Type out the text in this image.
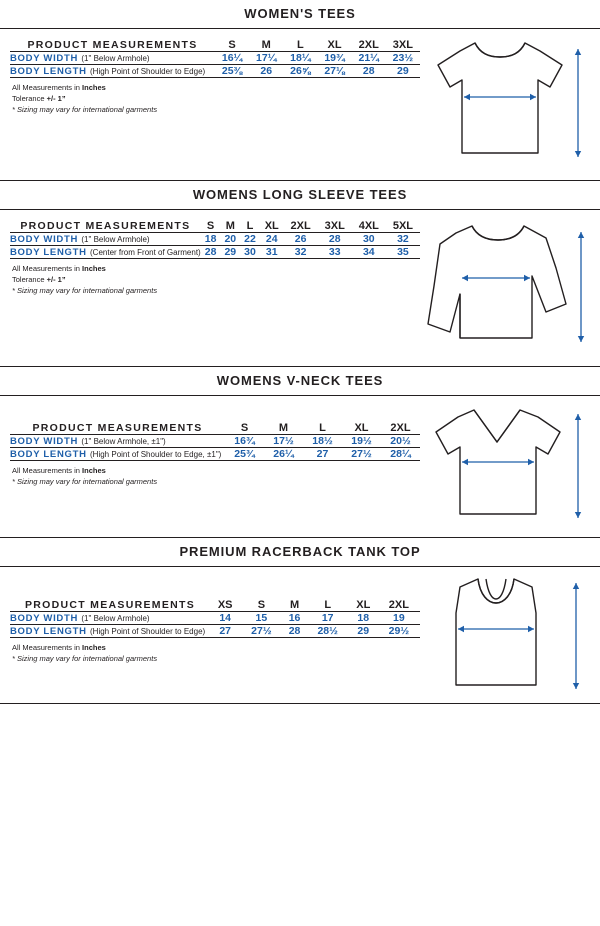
WOMEN'S TEES
PRODUCT MEASUREMENTS	S	M	L	XL	2XL	3XL
BODY WIDTH (1" Below Armhole)	16¼	17¼	18¼	19¾	21¼	23½
BODY LENGTH (High Point of Shoulder to Edge)	25⅜	26	26⅝	27⅛	28	29
All Measurements in Inches
Tolerance +/- 1”
* Sizing may vary for international garments
WOMENS LONG SLEEVE TEES
PRODUCT MEASUREMENTS	S	M	L	XL	2XL	3XL	4XL	5XL
BODY WIDTH (1" Below Armhole)	18	20	22	24	26	28	30	32
BODY LENGTH (Center from Front of Garment)	28	29	30	31	32	33	34	35
All Measurements in Inches
Tolerance +/- 1”
* Sizing may vary for international garments
WOMENS V-NECK TEES
PRODUCT MEASUREMENTS	S	M	L	XL	2XL
BODY WIDTH (1" Below Armhole, ±1")	16¾	17½	18½	19½	20½
BODY LENGTH (High Point of Shoulder to Edge, ±1")	25¾	26¼	27	27½	28¼
All Measurements in Inches
* Sizing may vary for international garments
PREMIUM RACERBACK TANK TOP
PRODUCT MEASUREMENTS	XS	S	M	L	XL	2XL
BODY WIDTH (1" Below Armhole)	14	15	16	17	18	19
BODY LENGTH (High Point of Shoulder to Edge)	27	27½	28	28½	29	29½
All Measurements in Inches
* Sizing may vary for international garments
